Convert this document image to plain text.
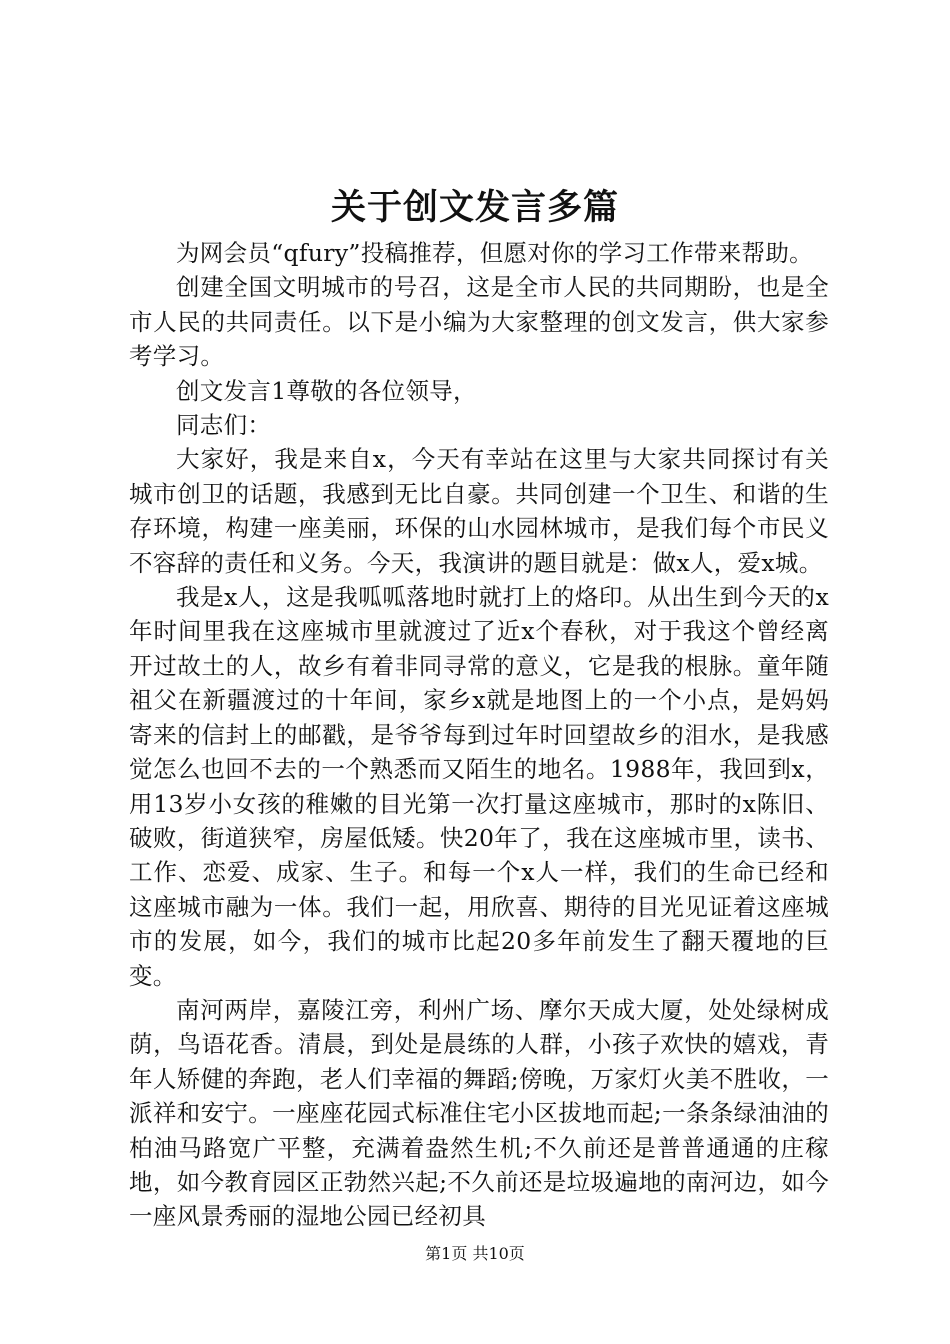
关于创文发言多篇

为网会员“qfury”投稿推荐，但愿对你的学习工作带来帮助。

创建全国文明城市的号召，这是全市人民的共同期盼，也是全市人民的共同责任。以下是小编为大家整理的创文发言，供大家参考学习。

创文发言1尊敬的各位领导，

同志们：

大家好，我是来自x，今天有幸站在这里与大家共同探讨有关城市创卫的话题，我感到无比自豪。共同创建一个卫生、和谐的生存环境，构建一座美丽，环保的山水园林城市，是我们每个市民义不容辞的责任和义务。今天，我演讲的题目就是：做x人，爱x城。

我是x人，这是我呱呱落地时就打上的烙印。从出生到今天的x年时间里我在这座城市里就渡过了近x个春秋，对于我这个曾经离开过故土的人，故乡有着非同寻常的意义，它是我的根脉。童年随祖父在新疆渡过的十年间，家乡x就是地图上的一个小点，是妈妈寄来的信封上的邮戳，是爷爷每到过年时回望故乡的泪水，是我感觉怎么也回不去的一个熟悉而又陌生的地名。1988年，我回到x，用13岁小女孩的稚嫩的目光第一次打量这座城市，那时的x陈旧、破败，街道狭窄，房屋低矮。快20年了，我在这座城市里，读书、工作、恋爱、成家、生子。和每一个x人一样，我们的生命已经和这座城市融为一体。我们一起，用欣喜、期待的目光见证着这座城市的发展，如今，我们的城市比起20多年前发生了翻天覆地的巨变。

南河两岸，嘉陵江旁，利州广场、摩尔天成大厦，处处绿树成荫，鸟语花香。清晨，到处是晨练的人群，小孩子欢快的嬉戏，青年人矫健的奔跑，老人们幸福的舞蹈;傍晚，万家灯火美不胜收，一派祥和安宁。一座座花园式标准住宅小区拔地而起;一条条绿油油的柏油马路宽广平整，充满着盎然生机;不久前还是普普通通的庄稼地，如今教育园区正勃然兴起;不久前还是垃圾遍地的南河边，如今一座风景秀丽的湿地公园已经初具

第1页 共10页
